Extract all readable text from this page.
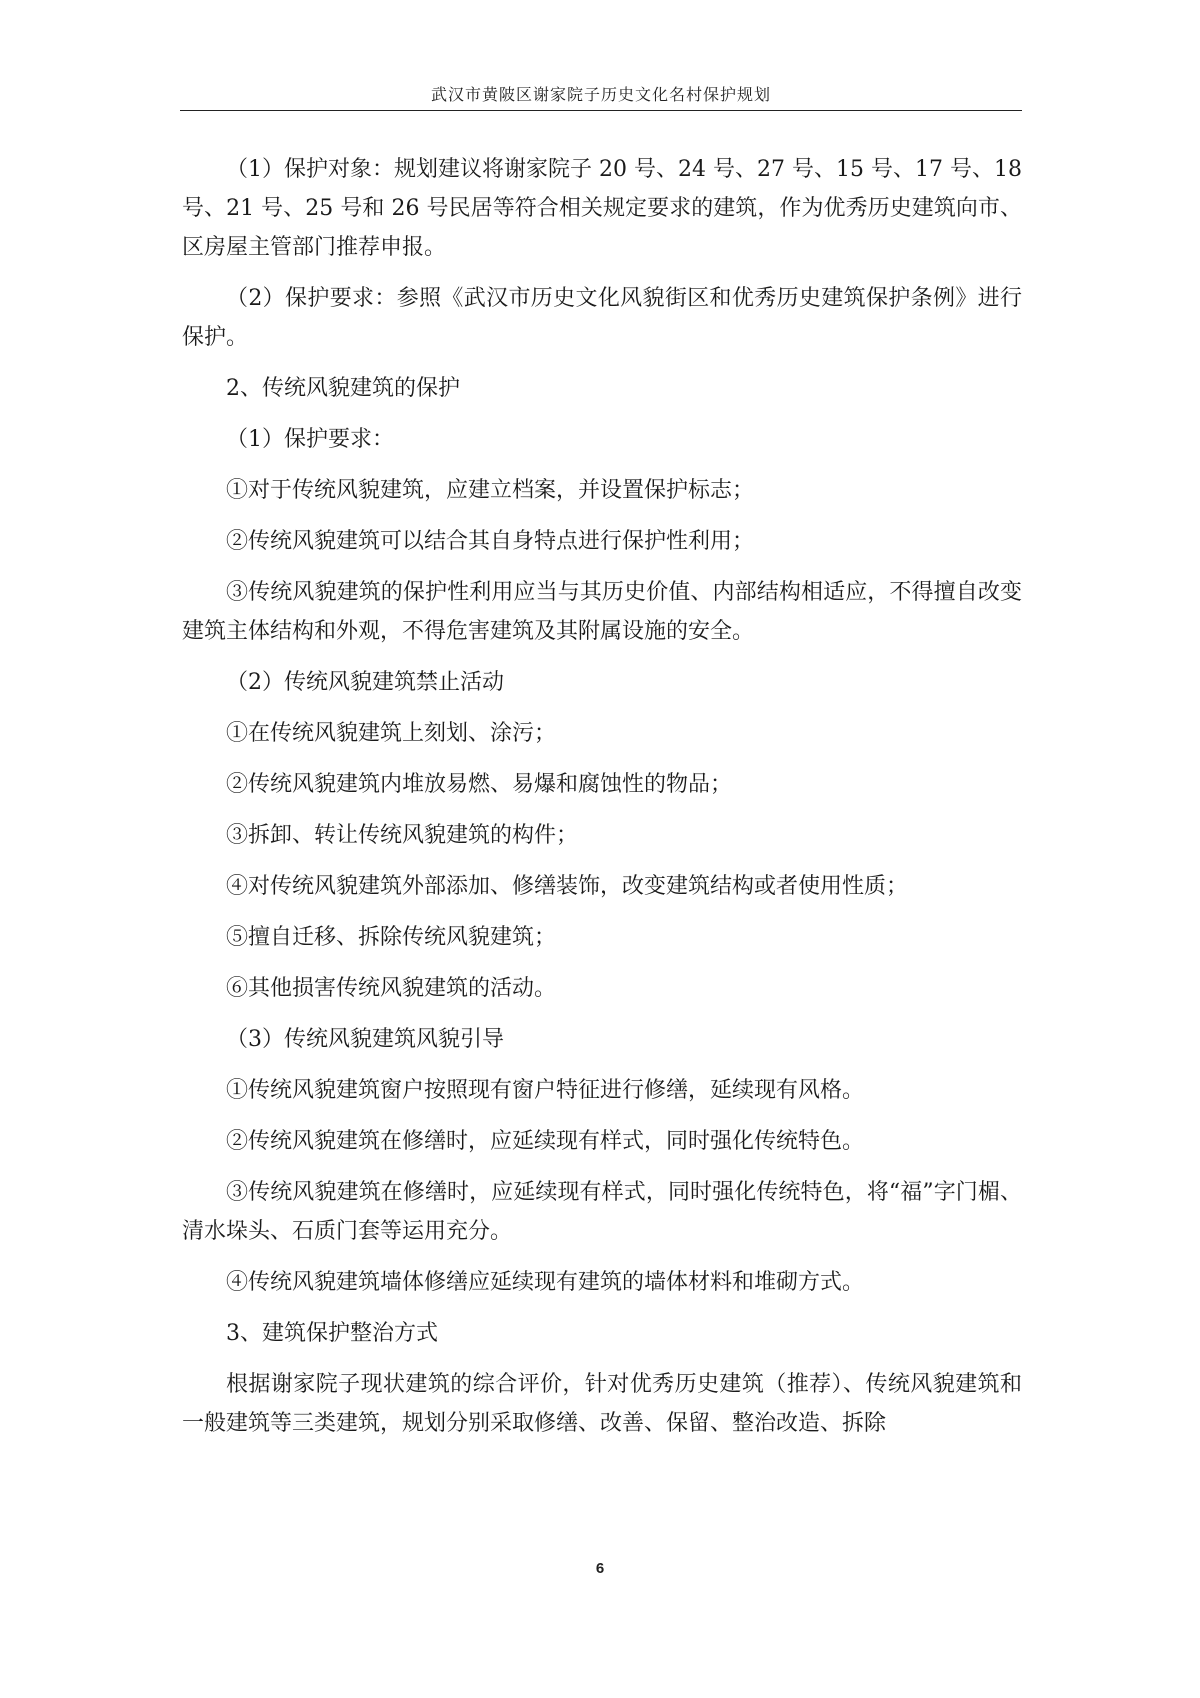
武汉市黄陂区谢家院子历史文化名村保护规划

（1）保护对象：规划建议将谢家院子 20 号、24 号、27 号、15 号、17 号、18 号、21 号、25 号和 26 号民居等符合相关规定要求的建筑，作为优秀历史建筑向市、区房屋主管部门推荐申报。

（2）保护要求：参照《武汉市历史文化风貌街区和优秀历史建筑保护条例》进行保护。

2、传统风貌建筑的保护

（1）保护要求：

①对于传统风貌建筑，应建立档案，并设置保护标志；

②传统风貌建筑可以结合其自身特点进行保护性利用；

③传统风貌建筑的保护性利用应当与其历史价值、内部结构相适应，不得擅自改变建筑主体结构和外观，不得危害建筑及其附属设施的安全。

（2）传统风貌建筑禁止活动

①在传统风貌建筑上刻划、涂污；

②传统风貌建筑内堆放易燃、易爆和腐蚀性的物品；

③拆卸、转让传统风貌建筑的构件；

④对传统风貌建筑外部添加、修缮装饰，改变建筑结构或者使用性质；

⑤擅自迁移、拆除传统风貌建筑；

⑥其他损害传统风貌建筑的活动。

（3）传统风貌建筑风貌引导

①传统风貌建筑窗户按照现有窗户特征进行修缮，延续现有风格。

②传统风貌建筑在修缮时，应延续现有样式，同时强化传统特色。

③传统风貌建筑在修缮时，应延续现有样式，同时强化传统特色，将“福”字门楣、清水垛头、石质门套等运用充分。

④传统风貌建筑墙体修缮应延续现有建筑的墙体材料和堆砌方式。

3、建筑保护整治方式

根据谢家院子现状建筑的综合评价，针对优秀历史建筑（推荐）、传统风貌建筑和一般建筑等三类建筑，规划分别采取修缮、改善、保留、整治改造、拆除

6
